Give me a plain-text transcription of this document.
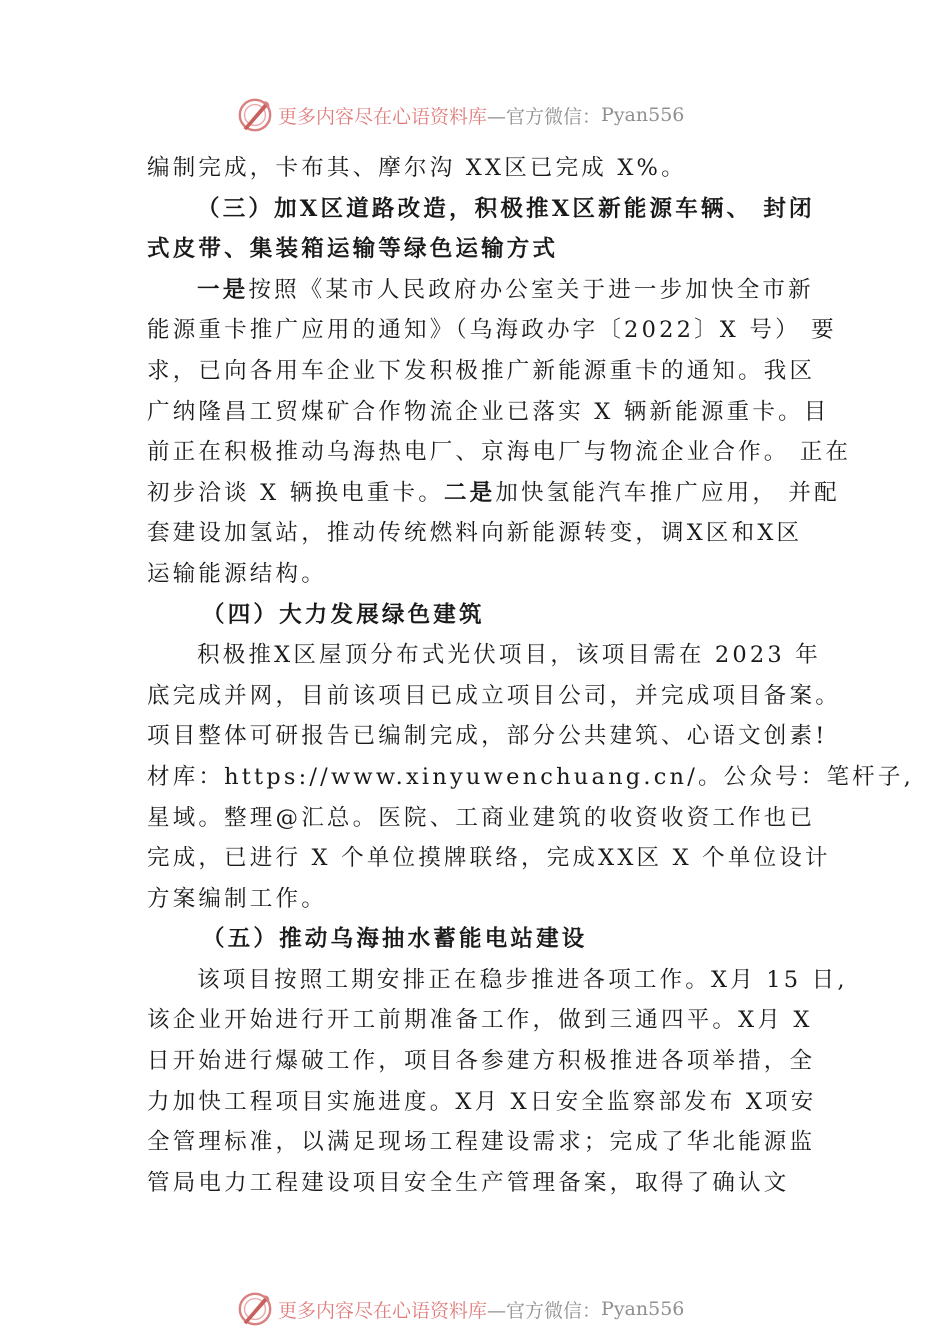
更多内容尽在心语资料库 —官方微信： Pyan556
编制完成，卡布其、摩尔沟 XX区已完成 X%。
（三）加X区道路改造，积极推X区新能源车辆、 封闭
式皮带、集装箱运输等绿色运输方式
一是按照《某市人民政府办公室关于进一步加快全市新
能源重卡推广应用的通知》（乌海政办字〔2022〕X 号） 要
求，已向各用车企业下发积极推广新能源重卡的通知。我区
广纳隆昌工贸煤矿合作物流企业已落实 X 辆新能源重卡。目
前正在积极推动乌海热电厂、京海电厂与物流企业合作。 正在
初步洽谈 X 辆换电重卡。二是加快氢能汽车推广应用， 并配
套建设加氢站，推动传统燃料向新能源转变，调X区和X区
运输能源结构。
（四）大力发展绿色建筑
积极推X区屋顶分布式光伏项目，该项目需在 2023 年
底完成并网，目前该项目已成立项目公司，并完成项目备案。
项目整体可研报告已编制完成，部分公共建筑、心语文创素!
材库：https://www.xinyuwenchuang.cn/。公众号：笔杆子,
星域。整理@汇总。医院、工商业建筑的收资收资工作也已
完成，已进行 X 个单位摸牌联络，完成XX区 X 个单位设计
方案编制工作。
（五）推动乌海抽水蓄能电站建设
该项目按照工期安排正在稳步推进各项工作。X月 15 日,
该企业开始进行开工前期准备工作，做到三通四平。X月 X
日开始进行爆破工作，项目各参建方积极推进各项举措，全
力加快工程项目实施进度。X月 X日安全监察部发布 X项安
全管理标准，以满足现场工程建设需求；完成了华北能源监
管局电力工程建设项目安全生产管理备案，取得了确认文
更多内容尽在心语资料库 —官方微信： Pyan556
